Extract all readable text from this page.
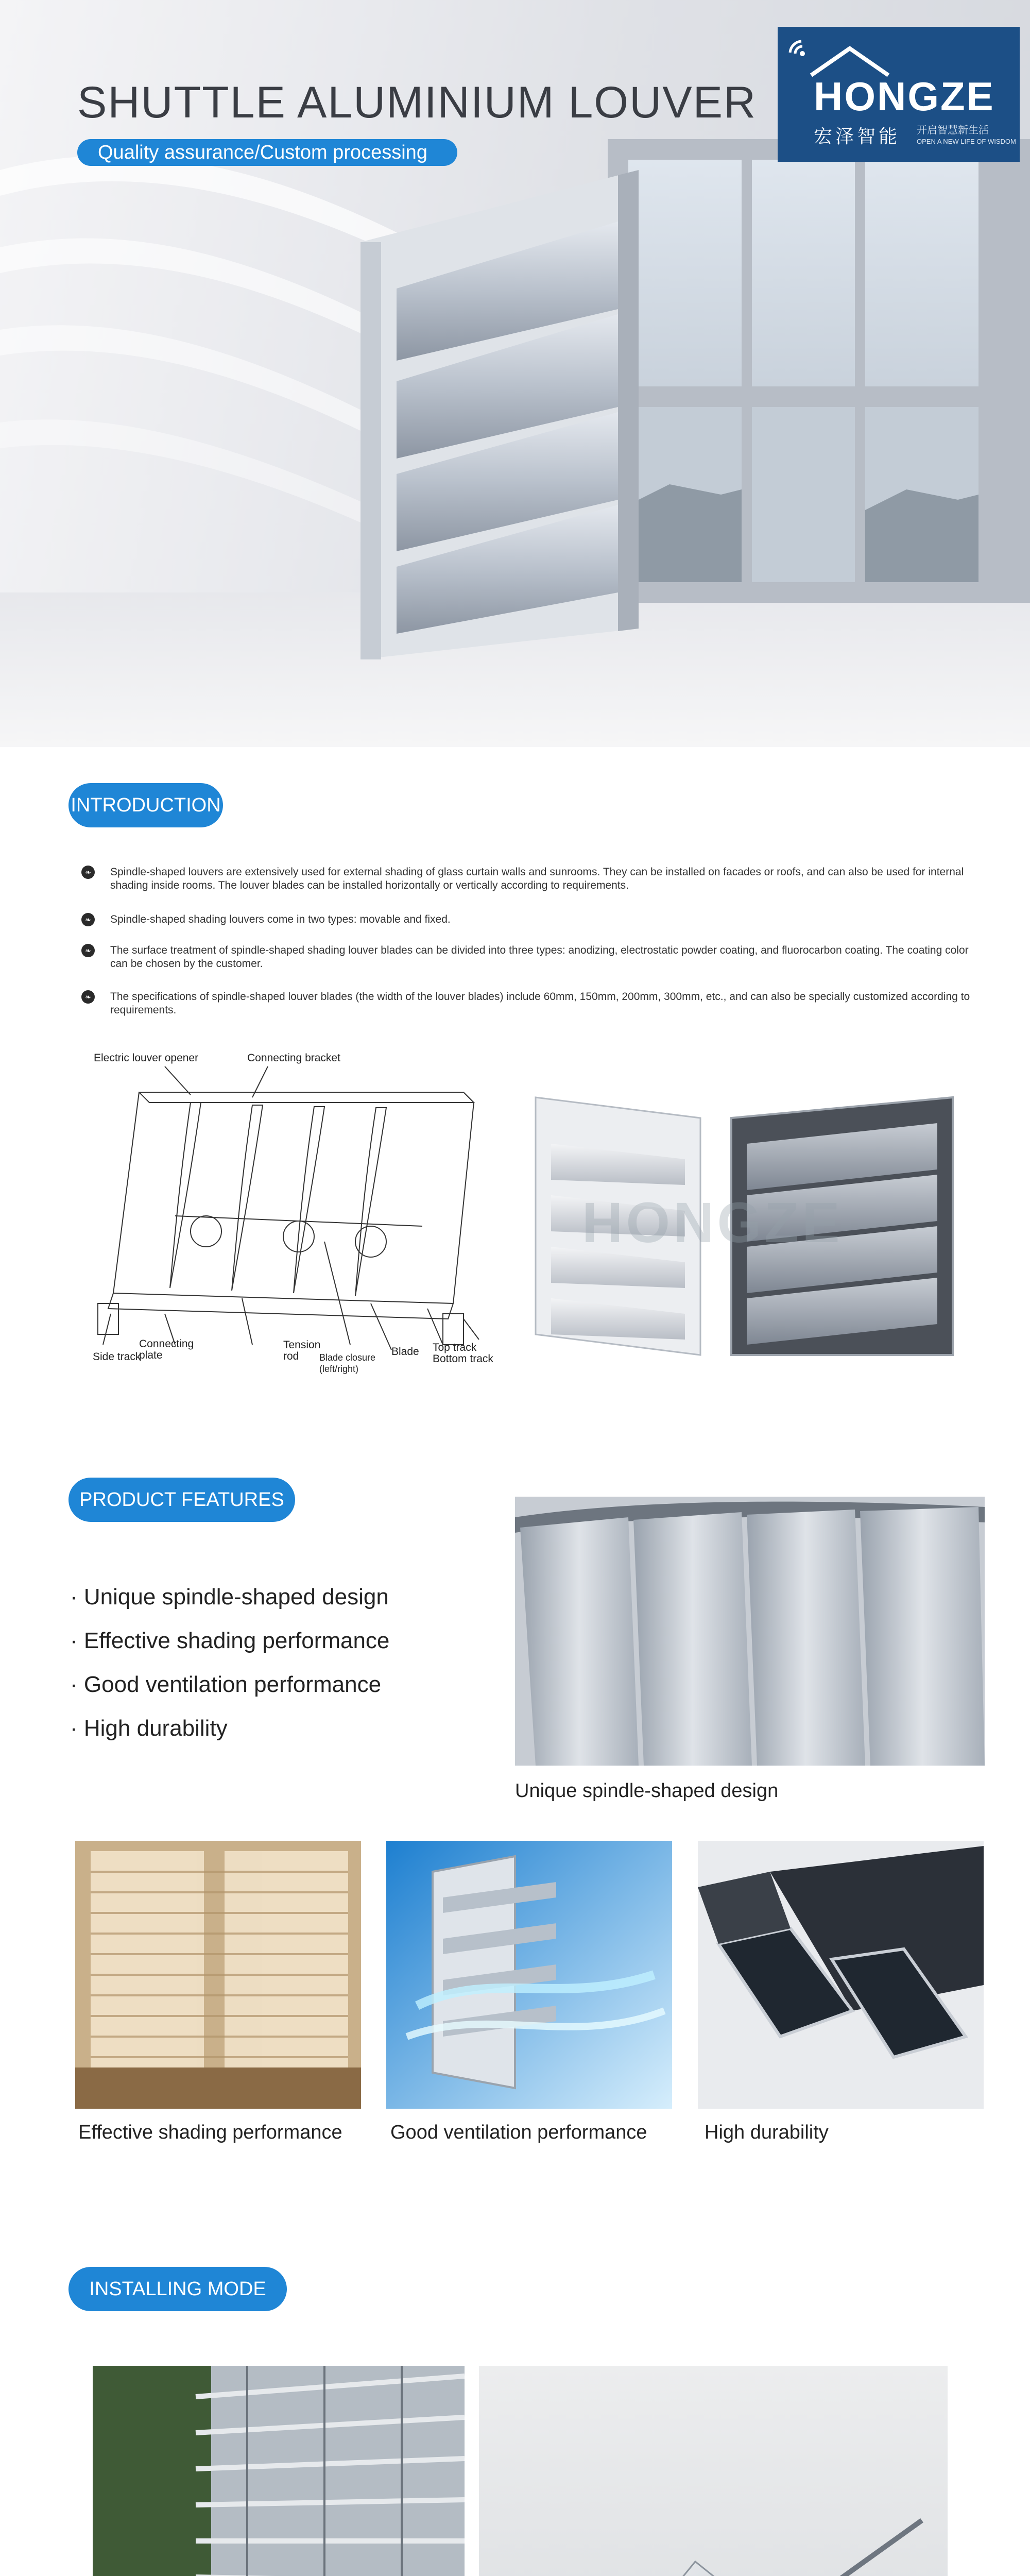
SHUTTLE ALUMINIUM LOUVER
Quality assurance/Custom processing
HONGZE
宏泽智能 开启智慧新生活
OPEN A NEW LIFE OF WISDOM
INTRODUCTION
❧	Spindle-shaped louvers are extensively used for external shading of glass curtain walls and sunrooms. They can be installed on facades or roofs, and can also be used for internal shading inside rooms. The louver blades can be installed horizontally or vertically according to requirements.
❧	Spindle-shaped shading louvers come in two types: movable and fixed.
❧	The surface treatment of spindle-shaped shading louver blades can be divided into three types: anodizing, electrostatic powder coating, and fluorocarbon coating. The coating color can be chosen by the customer.
❧	The specifications of spindle-shaped louver blades (the width of the louver blades) include 60mm, 150mm, 200mm, 300mm, etc., and can also be specially customized according to requirements.
Electric louver opener	Connecting bracket
Side track
Connecting plate
Tension rod	Blade closure (left/right)
Blade Top track
Bottom track
HONGZE
PRODUCT FEATURES
· Unique spindle-shaped design
· Effective shading performance
· Good ventilation performance
· High durability
Unique spindle-shaped design
Effective shading performance Good ventilation performance	High durability
INSTALLING MODE
